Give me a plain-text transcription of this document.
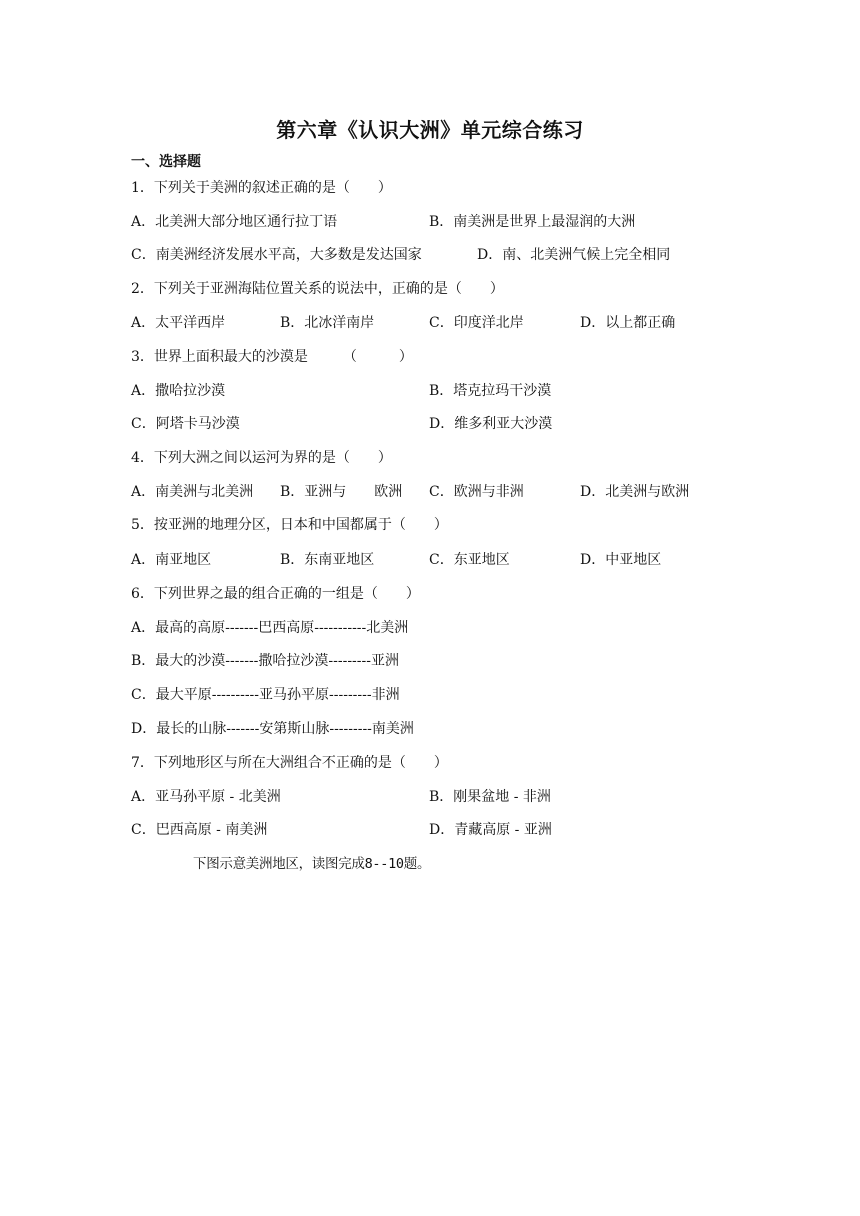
第六章《认识大洲》单元综合练习
一、选择题
1．下列关于美洲的叙述正确的是（　　）
A．北美洲大部分地区通行拉丁语	B．南美洲是世界上最湿润的大洲
C．南美洲经济发展水平高，大多数是发达国家	D．南、北美洲气候上完全相同
2．下列关于亚洲海陆位置关系的说法中，正确的是（　　）
A．太平洋西岸	B．北冰洋南岸	C．印度洋北岸	D．以上都正确
3．世界上面积最大的沙漠是　　　（　　　）
A．撒哈拉沙漠	B．塔克拉玛干沙漠
C．阿塔卡马沙漠	D．维多利亚大沙漠
4．下列大洲之间以运河为界的是（　　）
A．南美洲与北美洲 B．亚洲与　　欧洲 C．欧洲与非洲	D．北美洲与欧洲
5．按亚洲的地理分区，日本和中国都属于（　　）
A．南亚地区	B．东南亚地区	C．东亚地区	D．中亚地区
6．下列世界之最的组合正确的一组是（　　）
A．最高的高原-------巴西高原-----------北美洲
B．最大的沙漠-------撒哈拉沙漠---------亚洲
C．最大平原----------亚马孙平原---------非洲
D．最长的山脉-------安第斯山脉---------南美洲
7．下列地形区与所在大洲组合不正确的是（　　）
A．亚马孙平原 - 北美洲	B．刚果盆地 - 非洲
C．巴西高原 - 南美洲	D．青藏高原 - 亚洲
下图示意美洲地区，读图完成8--10题。
